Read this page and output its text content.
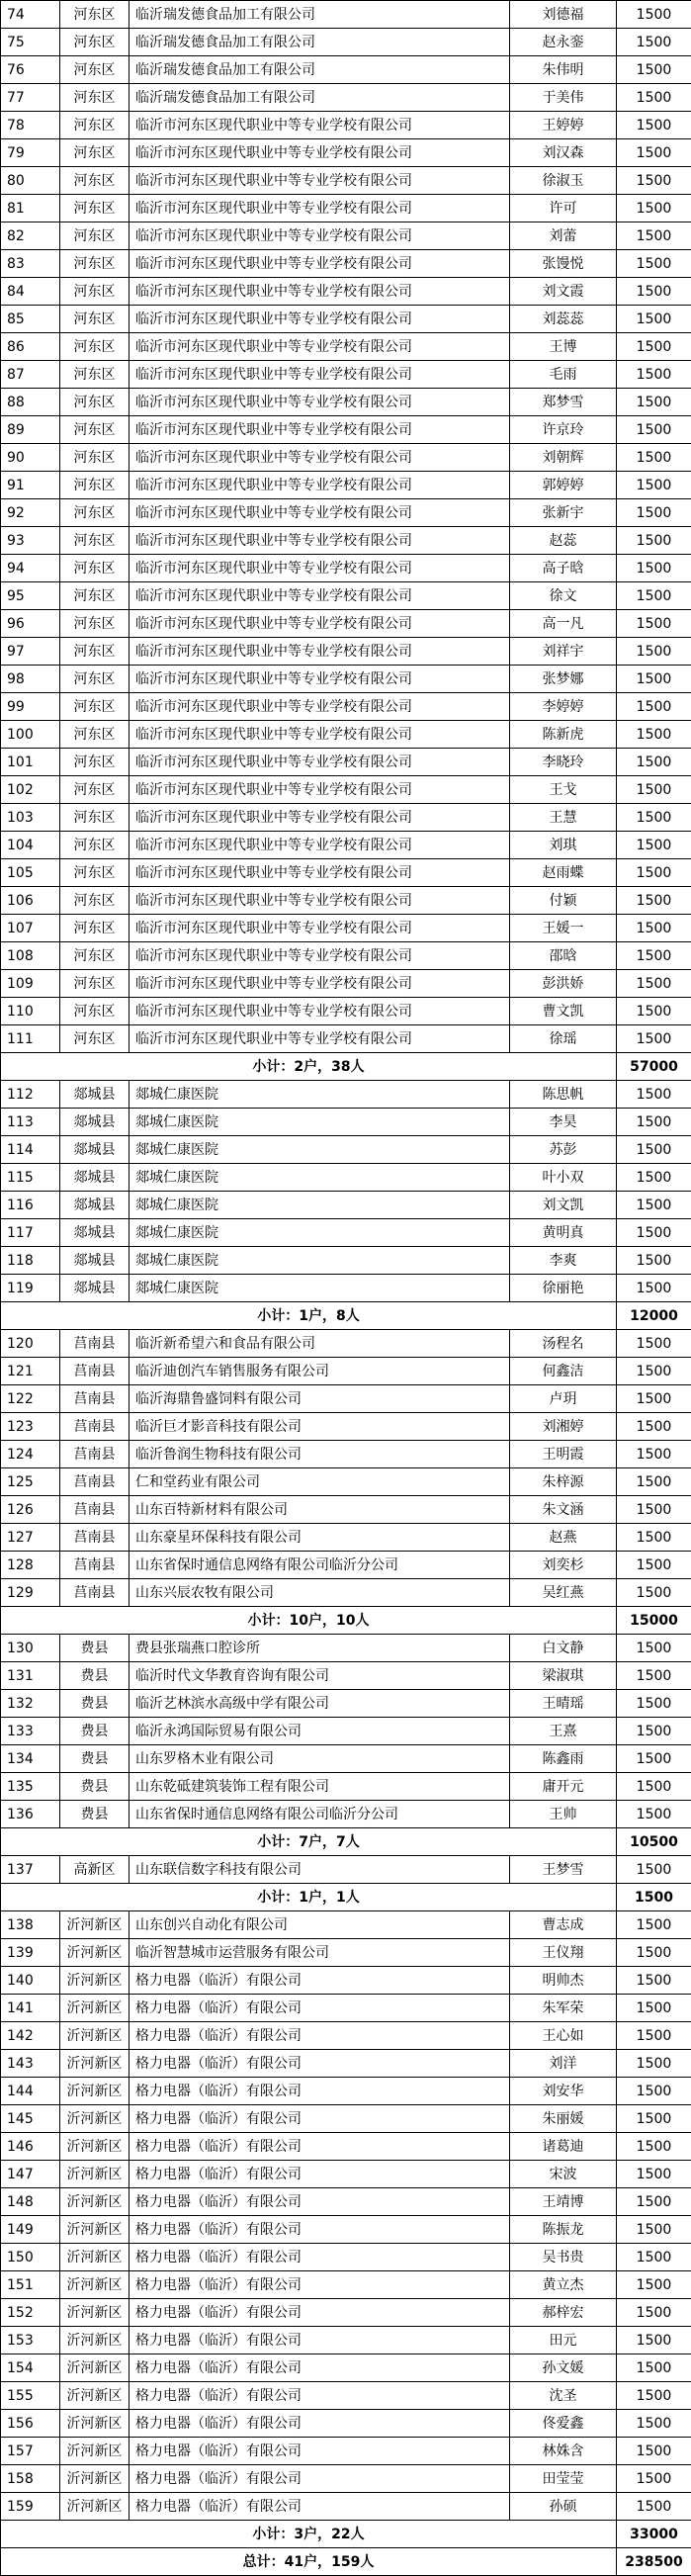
74	河东区	临沂瑞发德食品加工有限公司	刘德福	1500
75	河东区	临沂瑞发德食品加工有限公司	赵永銮	1500
76	河东区	临沂瑞发德食品加工有限公司	朱伟明	1500
77	河东区	临沂瑞发德食品加工有限公司	于美伟	1500
78	河东区	临沂市河东区现代职业中等专业学校有限公司	王婷婷	1500
79	河东区	临沂市河东区现代职业中等专业学校有限公司	刘汉森	1500
80	河东区	临沂市河东区现代职业中等专业学校有限公司	徐淑玉	1500
81	河东区	临沂市河东区现代职业中等专业学校有限公司	许可	1500
82	河东区	临沂市河东区现代职业中等专业学校有限公司	刘蕾	1500
83	河东区	临沂市河东区现代职业中等专业学校有限公司	张馒悦	1500
84	河东区	临沂市河东区现代职业中等专业学校有限公司	刘文霞	1500
85	河东区	临沂市河东区现代职业中等专业学校有限公司	刘蕊蕊	1500
86	河东区	临沂市河东区现代职业中等专业学校有限公司	王博	1500
87	河东区	临沂市河东区现代职业中等专业学校有限公司	毛雨	1500
88	河东区	临沂市河东区现代职业中等专业学校有限公司	郑梦雪	1500
89	河东区	临沂市河东区现代职业中等专业学校有限公司	许京玲	1500
90	河东区	临沂市河东区现代职业中等专业学校有限公司	刘朝辉	1500
91	河东区	临沂市河东区现代职业中等专业学校有限公司	郭婷婷	1500
92	河东区	临沂市河东区现代职业中等专业学校有限公司	张新宇	1500
93	河东区	临沂市河东区现代职业中等专业学校有限公司	赵蕊	1500
94	河东区	临沂市河东区现代职业中等专业学校有限公司	高子晗	1500
95	河东区	临沂市河东区现代职业中等专业学校有限公司	徐文	1500
96	河东区	临沂市河东区现代职业中等专业学校有限公司	高一凡	1500
97	河东区	临沂市河东区现代职业中等专业学校有限公司	刘祥宇	1500
98	河东区	临沂市河东区现代职业中等专业学校有限公司	张梦娜	1500
99	河东区	临沂市河东区现代职业中等专业学校有限公司	李婷婷	1500
100	河东区	临沂市河东区现代职业中等专业学校有限公司	陈新虎	1500
101	河东区	临沂市河东区现代职业中等专业学校有限公司	李晓玲	1500
102	河东区	临沂市河东区现代职业中等专业学校有限公司	王戈	1500
103	河东区	临沂市河东区现代职业中等专业学校有限公司	王慧	1500
104	河东区	临沂市河东区现代职业中等专业学校有限公司	刘琪	1500
105	河东区	临沂市河东区现代职业中等专业学校有限公司	赵雨蝶	1500
106	河东区	临沂市河东区现代职业中等专业学校有限公司	付颖	1500
107	河东区	临沂市河东区现代职业中等专业学校有限公司	王媛一	1500
108	河东区	临沂市河东区现代职业中等专业学校有限公司	邵晗	1500
109	河东区	临沂市河东区现代职业中等专业学校有限公司	彭洪娇	1500
110	河东区	临沂市河东区现代职业中等专业学校有限公司	曹文凯	1500
111	河东区	临沂市河东区现代职业中等专业学校有限公司	徐瑶	1500
小计：2户，38人				57000
112	郯城县	郯城仁康医院	陈思帆	1500
113	郯城县	郯城仁康医院	李昊	1500
114	郯城县	郯城仁康医院	苏彭	1500
115	郯城县	郯城仁康医院	叶小双	1500
116	郯城县	郯城仁康医院	刘文凯	1500
117	郯城县	郯城仁康医院	黄明真	1500
118	郯城县	郯城仁康医院	李爽	1500
119	郯城县	郯城仁康医院	徐丽艳	1500
小计：1户，8人				12000
120	莒南县	临沂新希望六和食品有限公司	汤程名	1500
121	莒南县	临沂迪创汽车销售服务有限公司	何鑫洁	1500
122	莒南县	临沂海鼎鲁盛饲料有限公司	卢玥	1500
123	莒南县	临沂巨才影音科技有限公司	刘湘婷	1500
124	莒南县	临沂鲁润生物科技有限公司	王明霞	1500
125	莒南县	仁和堂药业有限公司	朱梓源	1500
126	莒南县	山东百特新材料有限公司	朱文涵	1500
127	莒南县	山东豪星环保科技有限公司	赵燕	1500
128	莒南县	山东省保时通信息网络有限公司临沂分公司	刘奕杉	1500
129	莒南县	山东兴辰农牧有限公司	吴红燕	1500
小计：10户，10人				15000
130	费县	费县张瑞燕口腔诊所	白文静	1500
131	费县	临沂时代文华教育咨询有限公司	梁淑琪	1500
132	费县	临沂艺林滨水高级中学有限公司	王晴瑶	1500
133	费县	临沂永鸿国际贸易有限公司	王熹	1500
134	费县	山东罗格木业有限公司	陈鑫雨	1500
135	费县	山东乾砥建筑装饰工程有限公司	庸开元	1500
136	费县	山东省保时通信息网络有限公司临沂分公司	王帅	1500
小计：7户，7人				10500
137	高新区	山东联信数字科技有限公司	王梦雪	1500
小计：1户，1人				1500
138	沂河新区	山东创兴自动化有限公司	曹志成	1500
139	沂河新区	临沂智慧城市运营服务有限公司	王仪翔	1500
140	沂河新区	格力电器（临沂）有限公司	明帅杰	1500
141	沂河新区	格力电器（临沂）有限公司	朱军荣	1500
142	沂河新区	格力电器（临沂）有限公司	王心如	1500
143	沂河新区	格力电器（临沂）有限公司	刘洋	1500
144	沂河新区	格力电器（临沂）有限公司	刘安华	1500
145	沂河新区	格力电器（临沂）有限公司	朱丽媛	1500
146	沂河新区	格力电器（临沂）有限公司	诸葛迪	1500
147	沂河新区	格力电器（临沂）有限公司	宋波	1500
148	沂河新区	格力电器（临沂）有限公司	王靖博	1500
149	沂河新区	格力电器（临沂）有限公司	陈振龙	1500
150	沂河新区	格力电器（临沂）有限公司	吴书贵	1500
151	沂河新区	格力电器（临沂）有限公司	黄立杰	1500
152	沂河新区	格力电器（临沂）有限公司	郝梓宏	1500
153	沂河新区	格力电器（临沂）有限公司	田元	1500
154	沂河新区	格力电器（临沂）有限公司	孙文媛	1500
155	沂河新区	格力电器（临沂）有限公司	沈圣	1500
156	沂河新区	格力电器（临沂）有限公司	佟爱鑫	1500
157	沂河新区	格力电器（临沂）有限公司	林姝含	1500
158	沂河新区	格力电器（临沂）有限公司	田莹莹	1500
159	沂河新区	格力电器（临沂）有限公司	孙硕	1500
小计：3户，22人				33000
总计：41户，159人				238500
